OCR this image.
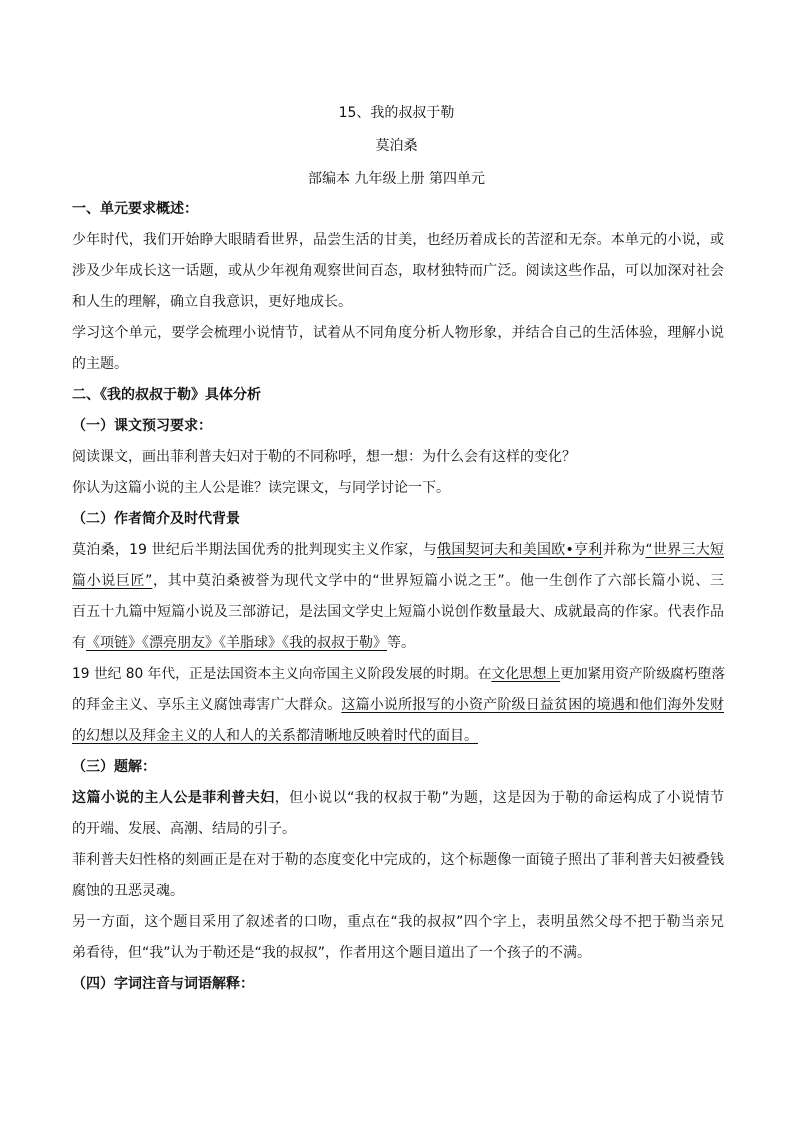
15、我的叔叔于勒
莫泊桑
部编本 九年级上册 第四单元
一、单元要求概述：
少年时代，我们开始睁大眼睛看世界，品尝生活的甘美，也经历着成长的苦涩和无奈。本单元的小说，或
涉及少年成长这一话题，或从少年视角观察世间百态，取材独特而广泛。阅读这些作品，可以加深对社会
和人生的理解，确立自我意识，更好地成长。
学习这个单元，要学会梳理小说情节，试着从不同角度分析人物形象，并结合自己的生活体验，理解小说
的主题。
二、《我的叔叔于勒》具体分析
（一）课文预习要求：
阅读课文，画出菲利普夫妇对于勒的不同称呼，想一想：为什么会有这样的变化？
你认为这篇小说的主人公是谁？读完课文，与同学讨论一下。
（二）作者简介及时代背景
莫泊桑，19 世纪后半期法国优秀的批判现实主义作家，与俄国契诃夫和美国欧•亨利并称为“世界三大短
篇小说巨匠”，其中莫泊桑被誉为现代文学中的“世界短篇小说之王”。他一生创作了六部长篇小说、三
百五十九篇中短篇小说及三部游记，是法国文学史上短篇小说创作数量最大、成就最高的作家。代表作品
有《项链》《漂亮朋友》《羊脂球》《我的叔叔于勒》等。
19 世纪 80 年代，正是法国资本主义向帝国主义阶段发展的时期。在文化思想上更加紧用资产阶级腐朽堕落
的拜金主义、享乐主义腐蚀毒害广大群众。这篇小说所报写的小资产阶级日益贫困的境遇和他们海外发财
的幻想以及拜金主义的人和人的关系都清晰地反映着时代的面目。
（三）题解：
这篇小说的主人公是菲利普夫妇，但小说以“我的权叔于勒”为题，这是因为于勒的命运构成了小说情节
的开端、发展、高潮、结局的引子。
菲利普夫妇性格的刻画正是在对于勒的态度变化中完成的，这个标题像一面镜子照出了菲利普夫妇被叠钱
腐蚀的丑恶灵魂。
另一方面，这个题目采用了叙述者的口吻，重点在“我的叔叔”四个字上，表明虽然父母不把于勒当亲兄
弟看待，但“我”认为于勒还是“我的叔叔”，作者用这个题目道出了一个孩子的不满。
（四）字词注音与词语解释：
